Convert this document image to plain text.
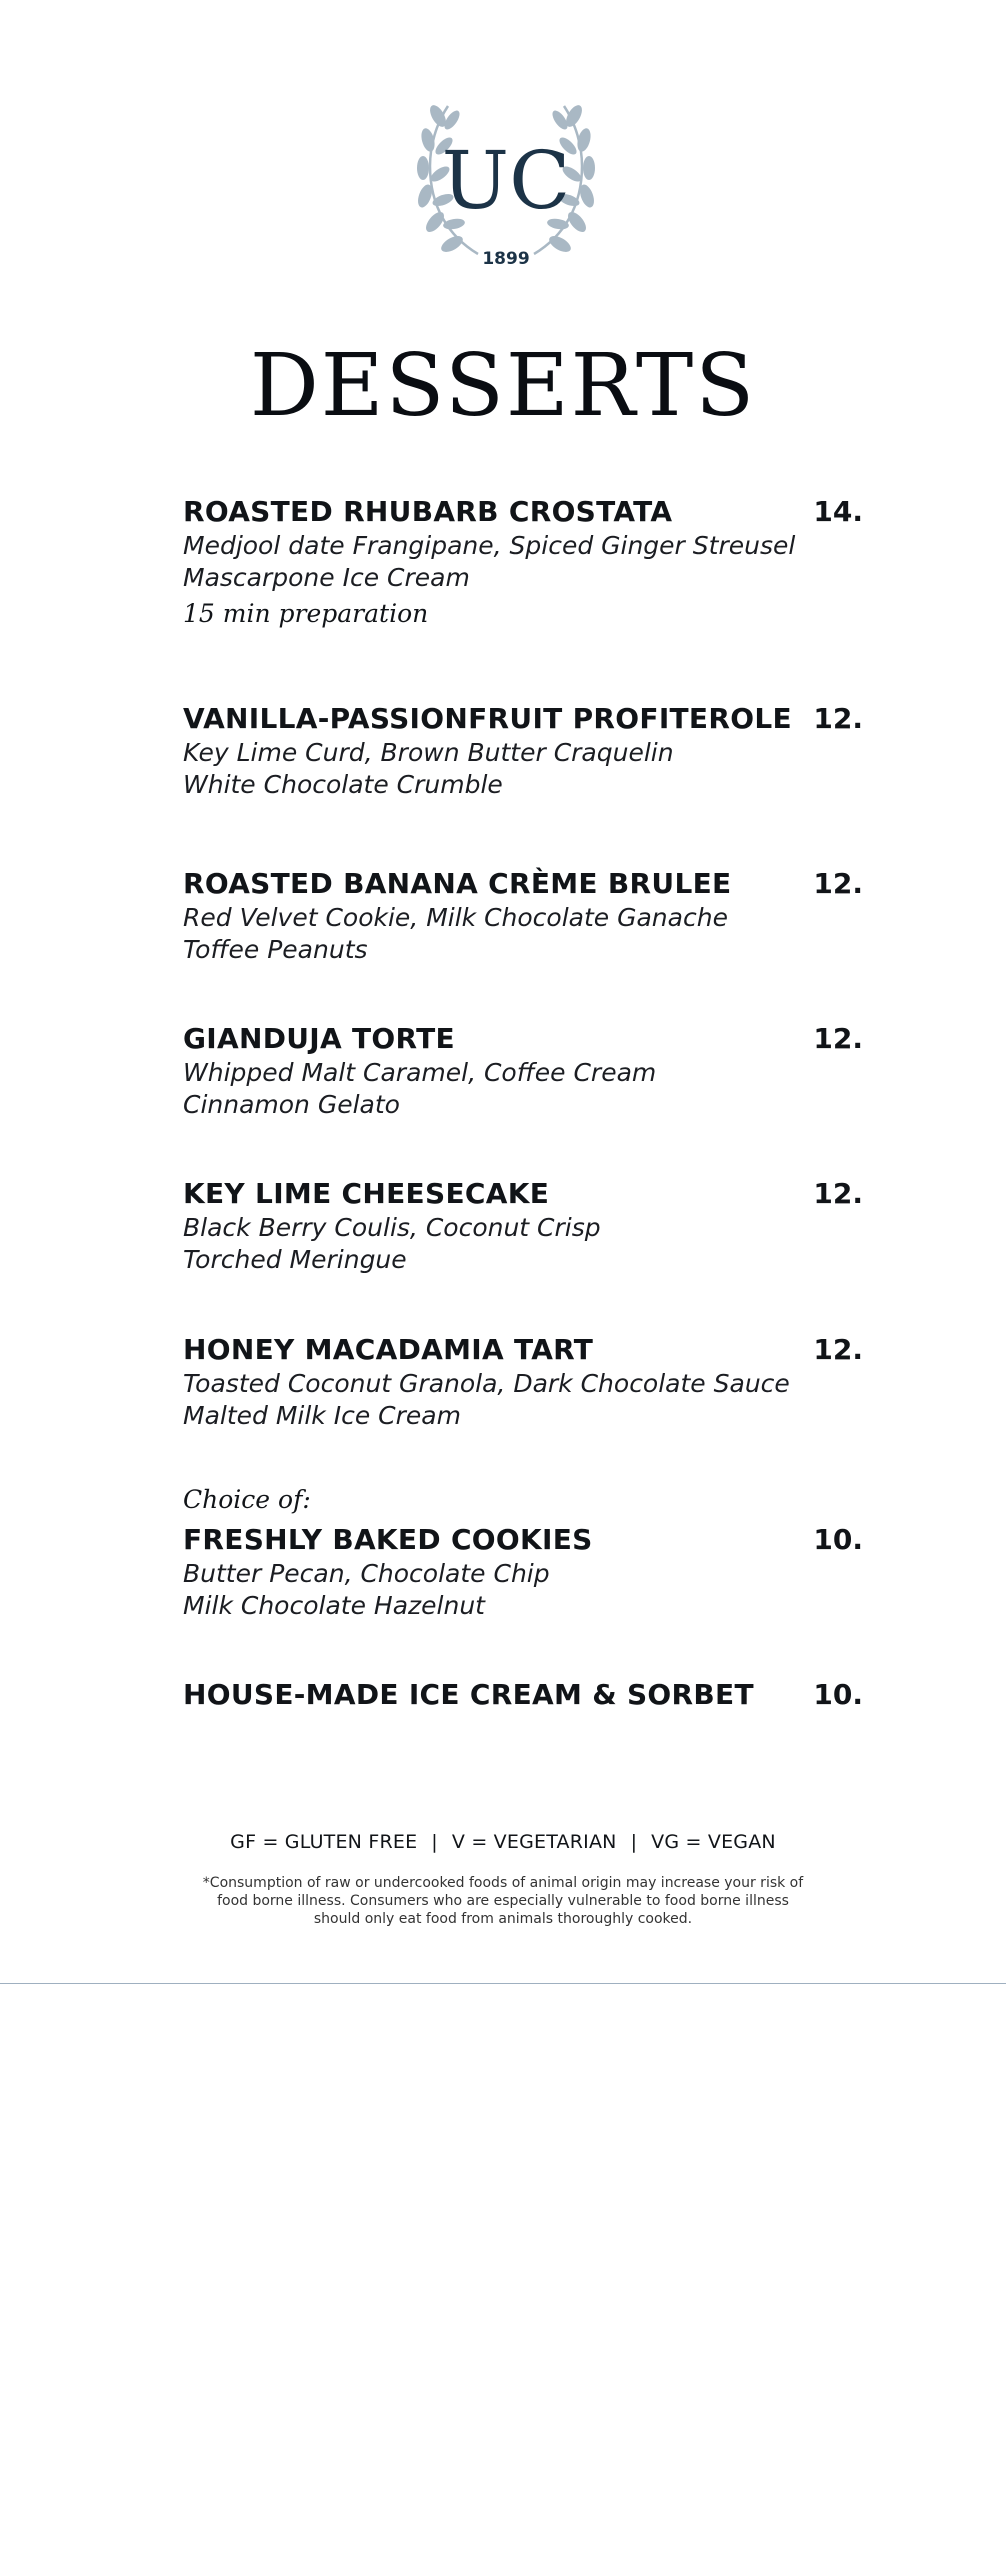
UC
1899
DESSERTS
ROASTED RHUBARB CROSTATA	14.
Medjool date Frangipane, Spiced Ginger Streusel
Mascarpone Ice Cream
15 min preparation
VANILLA-PASSIONFRUIT PROFITEROLE 12.
Key Lime Curd, Brown Butter Craquelin
White Chocolate Crumble
ROASTED BANANA CRÈME BRULEE	12.
Red Velvet Cookie, Milk Chocolate Ganache
Toffee Peanuts
GIANDUJA TORTE	12.
Whipped Malt Caramel, Coffee Cream
Cinnamon Gelato
KEY LIME CHEESECAKE	12.
Black Berry Coulis, Coconut Crisp
Torched Meringue
HONEY MACADAMIA TART	12.
Toasted Coconut Granola, Dark Chocolate Sauce
Malted Milk Ice Cream
Choice of:
FRESHLY BAKED COOKIES	10.
Butter Pecan, Chocolate Chip
Milk Chocolate Hazelnut
HOUSE-MADE ICE CREAM & SORBET 10.
GF = GLUTEN FREE | V = VEGETARIAN | VG = VEGAN
*Consumption of raw or undercooked foods of animal origin may increase your risk of food borne illness. Consumers who are especially vulnerable to food borne illness should only eat food from animals thoroughly cooked.
